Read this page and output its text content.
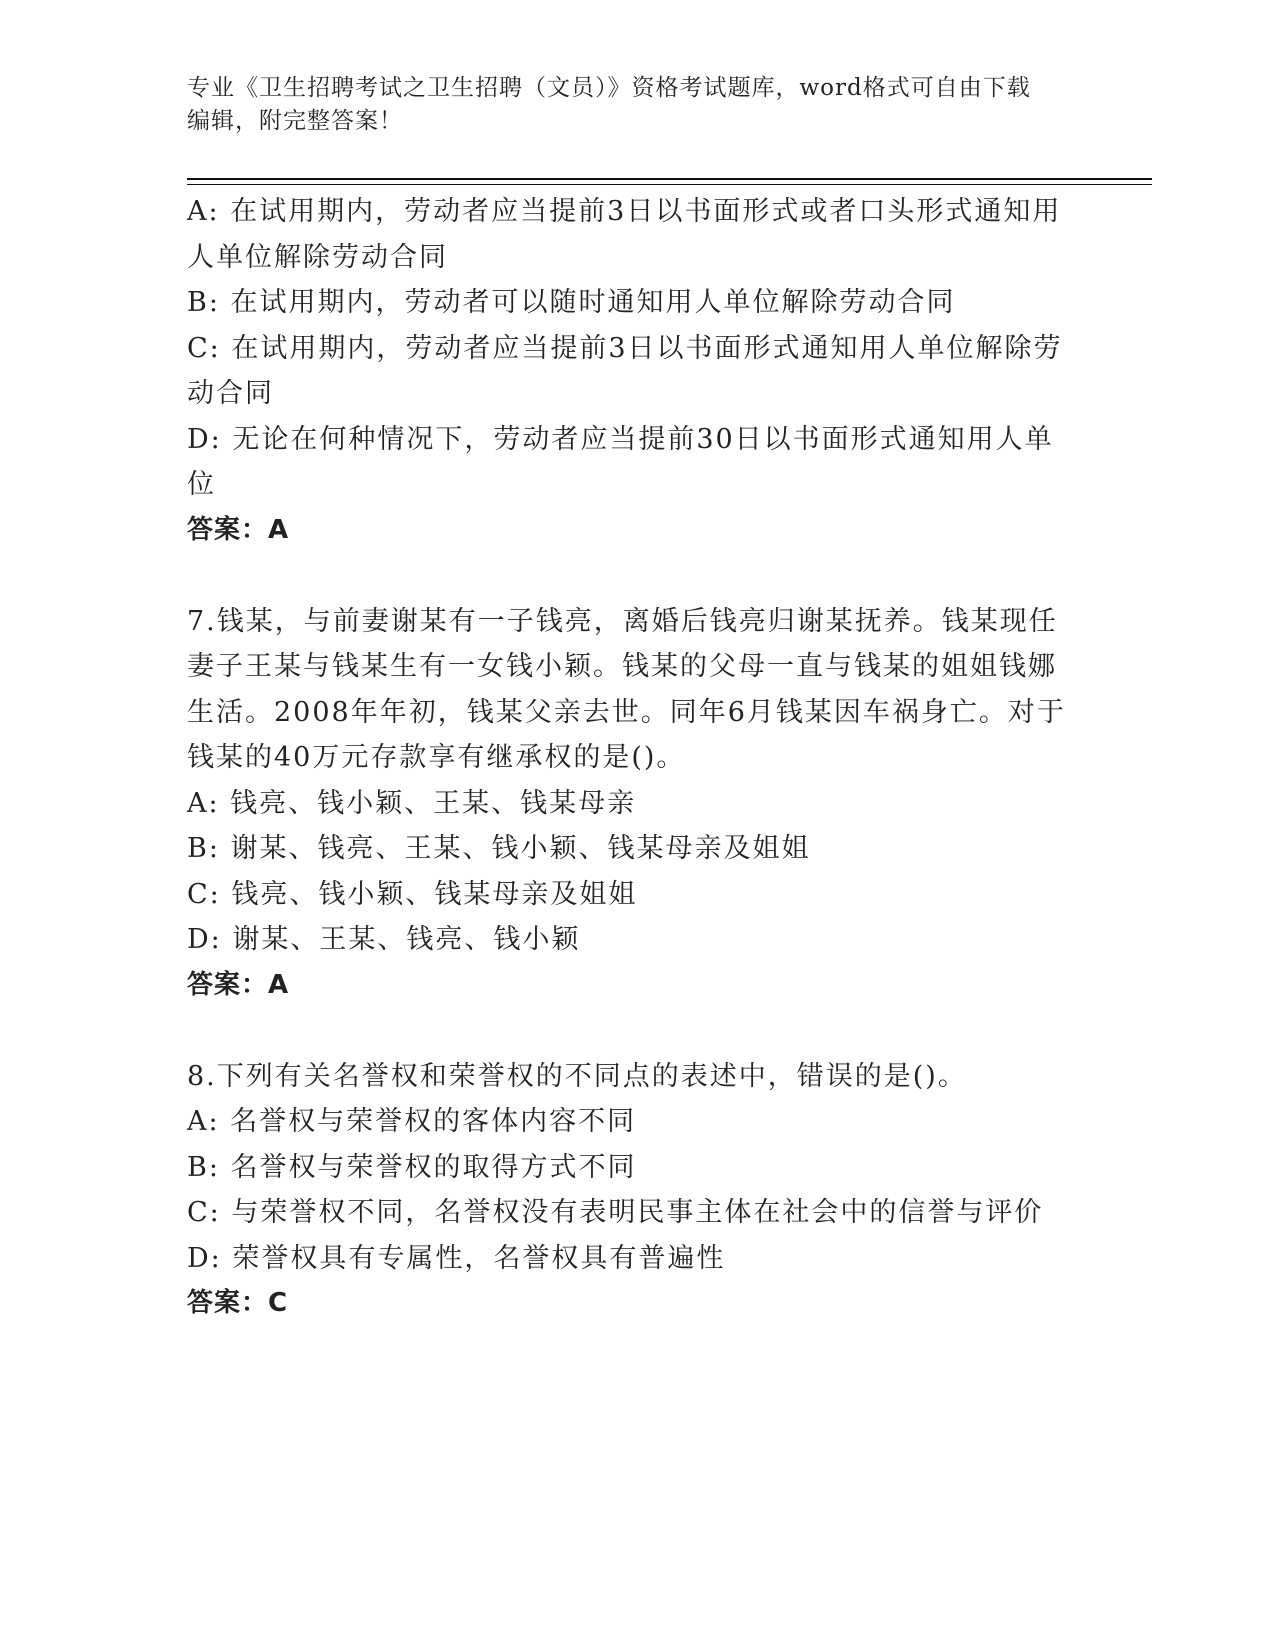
专业《卫生招聘考试之卫生招聘（文员）》资格考试题库，word格式可自由下载
编辑，附完整答案！
A: 在试用期内，劳动者应当提前3日以书面形式或者口头形式通知用
人单位解除劳动合同
B: 在试用期内，劳动者可以随时通知用人单位解除劳动合同
C: 在试用期内，劳动者应当提前3日以书面形式通知用人单位解除劳
动合同
D: 无论在何种情况下，劳动者应当提前30日以书面形式通知用人单
位
答案：A
7.钱某，与前妻谢某有一子钱亮，离婚后钱亮归谢某抚养。钱某现任
妻子王某与钱某生有一女钱小颖。钱某的父母一直与钱某的姐姐钱娜
生活。2008年年初，钱某父亲去世。同年6月钱某因车祸身亡。对于
钱某的40万元存款享有继承权的是()。
A: 钱亮、钱小颖、王某、钱某母亲
B: 谢某、钱亮、王某、钱小颖、钱某母亲及姐姐
C: 钱亮、钱小颖、钱某母亲及姐姐
D: 谢某、王某、钱亮、钱小颖
答案：A
8.下列有关名誉权和荣誉权的不同点的表述中，错误的是()。
A: 名誉权与荣誉权的客体内容不同
B: 名誉权与荣誉权的取得方式不同
C: 与荣誉权不同，名誉权没有表明民事主体在社会中的信誉与评价
D: 荣誉权具有专属性，名誉权具有普遍性
答案：C
